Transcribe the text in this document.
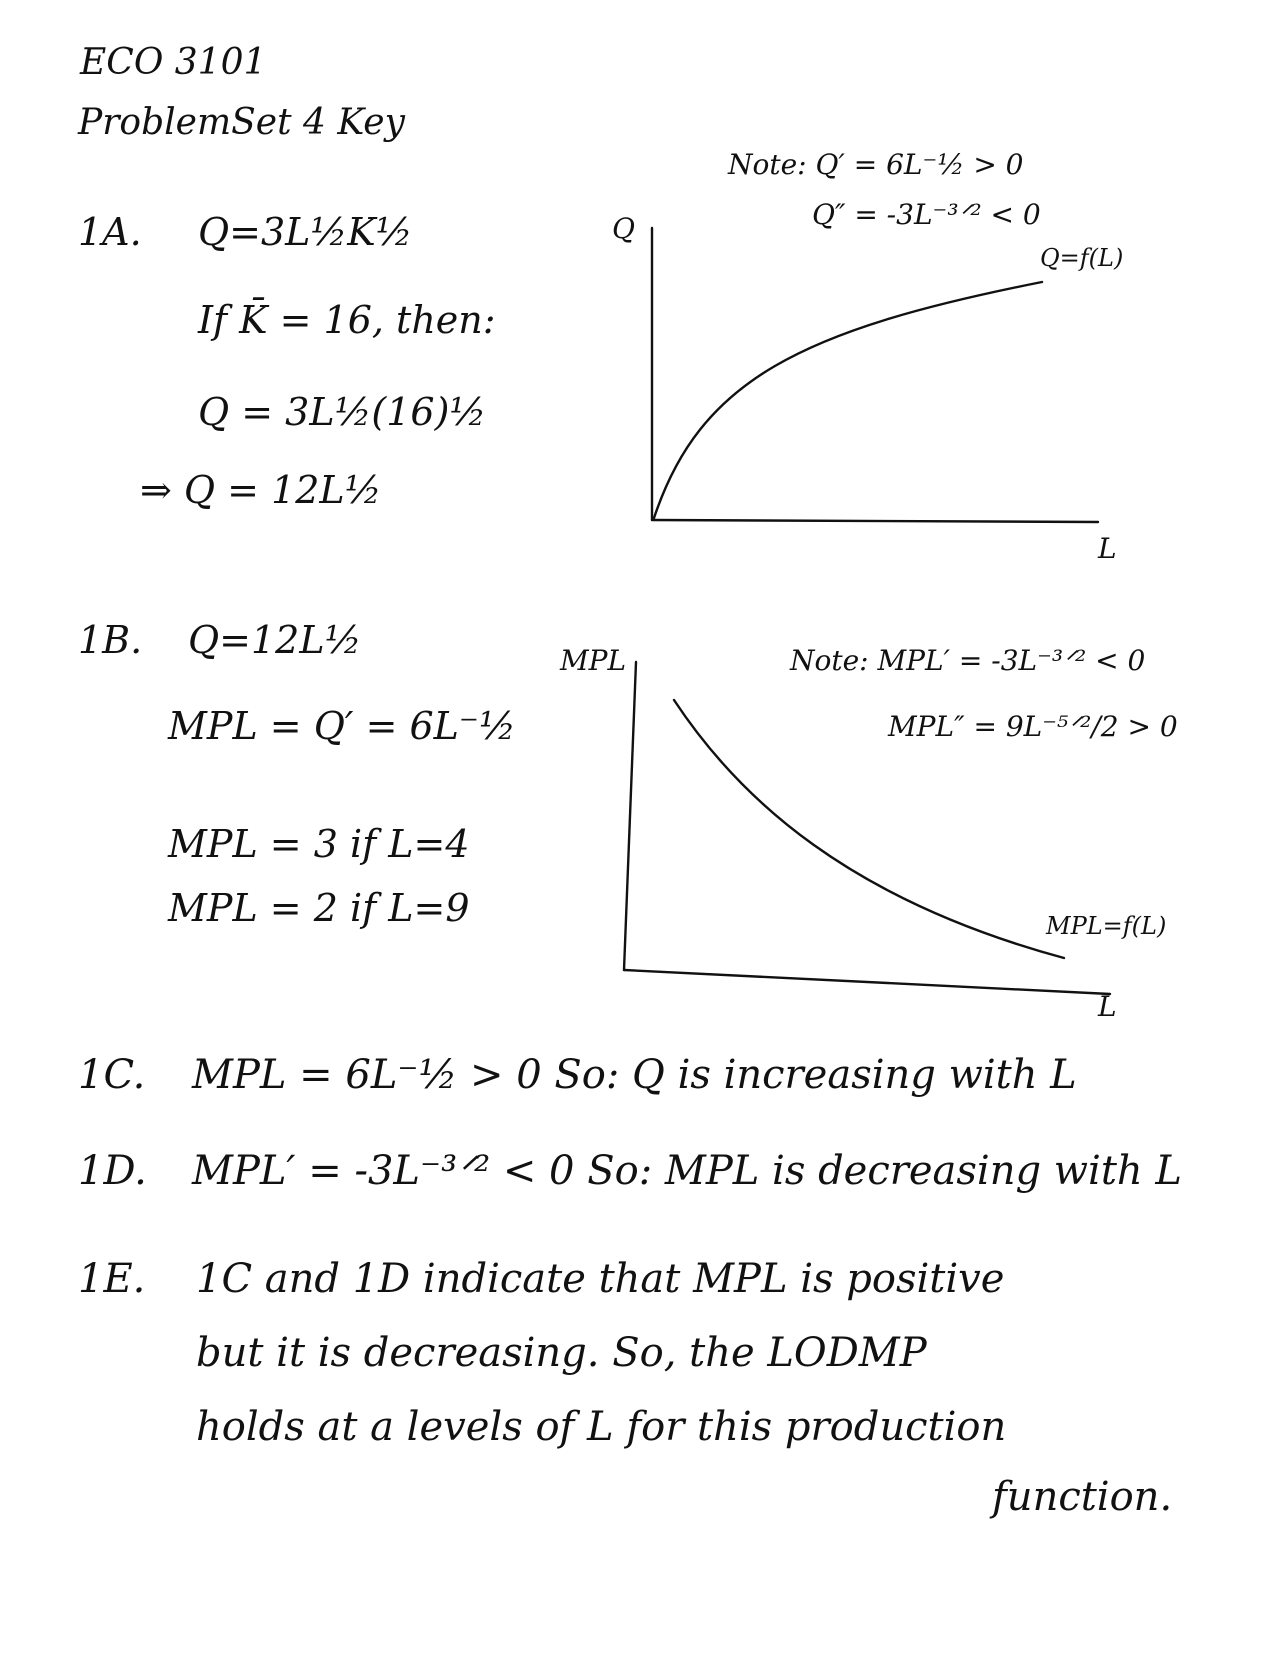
ECO 3101
ProblemSet 4 Key
1A. Q=3L½K½
If K̄ = 16, then:
Q = 3L½(16)½
⇒ Q = 12L½
Note: Q′ = 6L⁻½ > 0
Q″ = -3L⁻³ᐟ² < 0
Q
L
Q=f(L)
1B. Q=12L½
MPL = Q′ = 6L⁻½
MPL = 3 if L=4
MPL = 2 if L=9
Note: MPL′ = -3L⁻³ᐟ² < 0
MPL″ = 9L⁻⁵ᐟ²/2 > 0
MPL
L
MPL=f(L)
1C. MPL = 6L⁻½ > 0 So: Q is increasing with L
1D. MPL′ = -3L⁻³ᐟ² < 0 So: MPL is decreasing with L
1E. 1C and 1D indicate that MPL is positive
but it is decreasing. So, the LODMP
holds at a levels of L for this production
function.
